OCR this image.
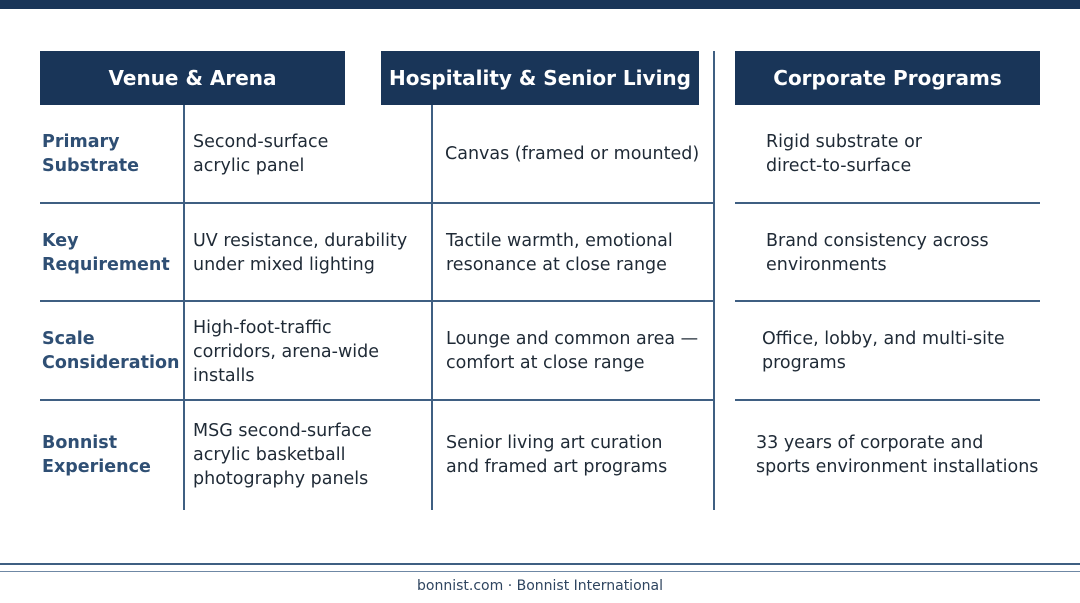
Venue & Arena	Hospitality & Senior Living	Corporate Programs
Primary
Substrate
Second-surface
acrylic panel
Canvas (framed or mounted)
Rigid substrate or
direct-to-surface
Key
Requirement
UV resistance, durability
under mixed lighting
Tactile warmth, emotional
resonance at close range
Brand consistency across
environments
Scale
Consideration
High-foot-traffic
corridors, arena-wide
installs
Lounge and common area —
comfort at close range
Office, lobby, and multi-site
programs
Bonnist
Experience
MSG second-surface
acrylic basketball
photography panels
Senior living art curation
and framed art programs
33 years of corporate and
sports environment installations
bonnist.com · Bonnist International
